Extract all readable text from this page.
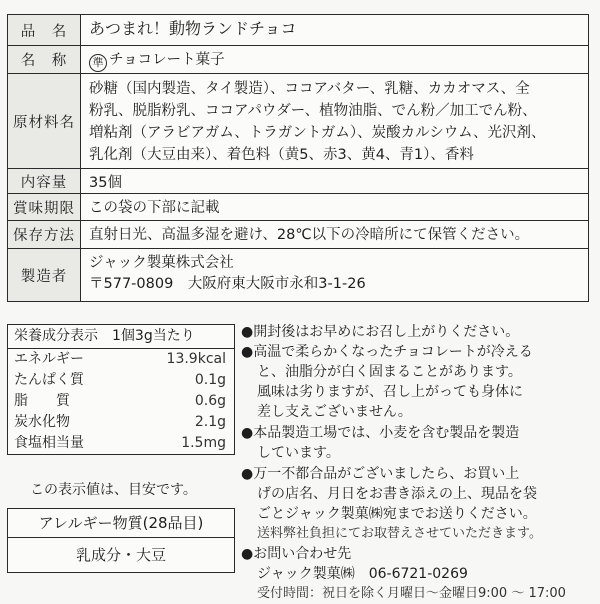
品　名	あつまれ！動物ランドチョコ
名　称	準 チョコレート菓子
原材料名
砂糖（国内製造、タイ製造）、ココアバター、乳糖、カカオマス、全
粉乳、脱脂粉乳、ココアパウダー、植物油脂、でん粉／加工でん粉、
増粘剤（アラビアガム、トラガントガム）、炭酸カルシウム、光沢剤、
乳化剤（大豆由来）、着色料（黄5、赤3、黄4、青1）、香料
内容量	35個
賞味期限 この袋の下部に記載
保存方法 直射日光、高温多湿を避け、28℃以下の冷暗所にて保管ください。
製造者
ジャック製菓株式会社
〒577-0809　大阪府東大阪市永和3-1-26
栄養成分表示　1個3g当たり
エネルギー	13.9kcal
たんぱく質	0.1g
脂　　質	0.6g
炭水化物	2.1g
食塩相当量	1.5mg
この表示値は、目安です。
アレルギー物質(28品目)
乳成分・大豆

●開封後はお早めにお召し上がりください。

●高温で柔らかくなったチョコレートが冷える

と、油脂分が白く固まることがあります。

風味は劣りますが、召し上がっても身体に

差し支えございません。

●本品製造工場では、小麦を含む製品を製造

しています。

●万一不都合品がございましたら、お買い上

げの店名、月日をお書き添えの上、現品を袋

ごとジャック製菓㈱宛までお送りください。

送料弊社負担にてお取替えさせていただきます。

●お問い合わせ先

ジャック製菓㈱　06-6721-0269

受付時間：祝日を除く月曜日～金曜日9:00 ～ 17:00
